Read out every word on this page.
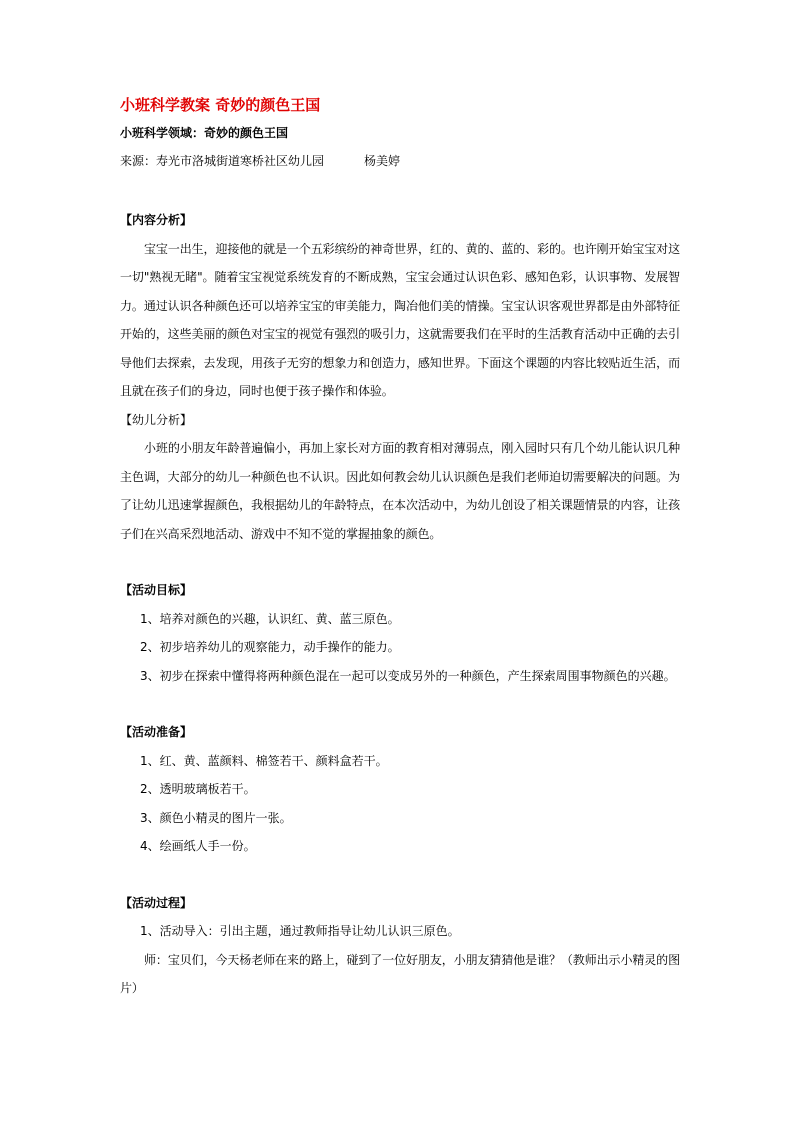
小班科学教案 奇妙的颜色王国
小班科学领域：奇妙的颜色王国
来源：寿光市洛城街道寒桥社区幼儿园	杨美婷

【内容分析】

宝宝一出生，迎接他的就是一个五彩缤纷的神奇世界，红的、黄的、蓝的、彩的。也许刚开始宝宝对这一切"熟视无睹"。随着宝宝视觉系统发育的不断成熟，宝宝会通过认识色彩、感知色彩，认识事物、发展智力。通过认识各种颜色还可以培养宝宝的审美能力，陶冶他们美的情操。宝宝认识客观世界都是由外部特征开始的，这些美丽的颜色对宝宝的视觉有强烈的吸引力，这就需要我们在平时的生活教育活动中正确的去引导他们去探索，去发现，用孩子无穷的想象力和创造力，感知世界。下面这个课题的内容比较贴近生活，而且就在孩子们的身边，同时也便于孩子操作和体验。

【幼儿分析】

小班的小朋友年龄普遍偏小，再加上家长对方面的教育相对薄弱点，刚入园时只有几个幼儿能认识几种主色调，大部分的幼儿一种颜色也不认识。因此如何教会幼儿认识颜色是我们老师迫切需要解决的问题。为了让幼儿迅速掌握颜色，我根据幼儿的年龄特点，在本次活动中，为幼儿创设了相关课题情景的内容，让孩子们在兴高采烈地活动、游戏中不知不觉的掌握抽象的颜色。

【活动目标】

1、培养对颜色的兴趣，认识红、黄、蓝三原色。

2、初步培养幼儿的观察能力，动手操作的能力。

3、初步在探索中懂得将两种颜色混在一起可以变成另外的一种颜色，产生探索周围事物颜色的兴趣。

【活动准备】

1、红、黄、蓝颜料、棉签若干、颜料盒若干。

2、透明玻璃板若干。

3、颜色小精灵的图片一张。

4、绘画纸人手一份。

【活动过程】

1、活动导入：引出主题，通过教师指导让幼儿认识三原色。

师：宝贝们，今天杨老师在来的路上，碰到了一位好朋友，小朋友猜猜他是谁？（教师出示小精灵的图片）
